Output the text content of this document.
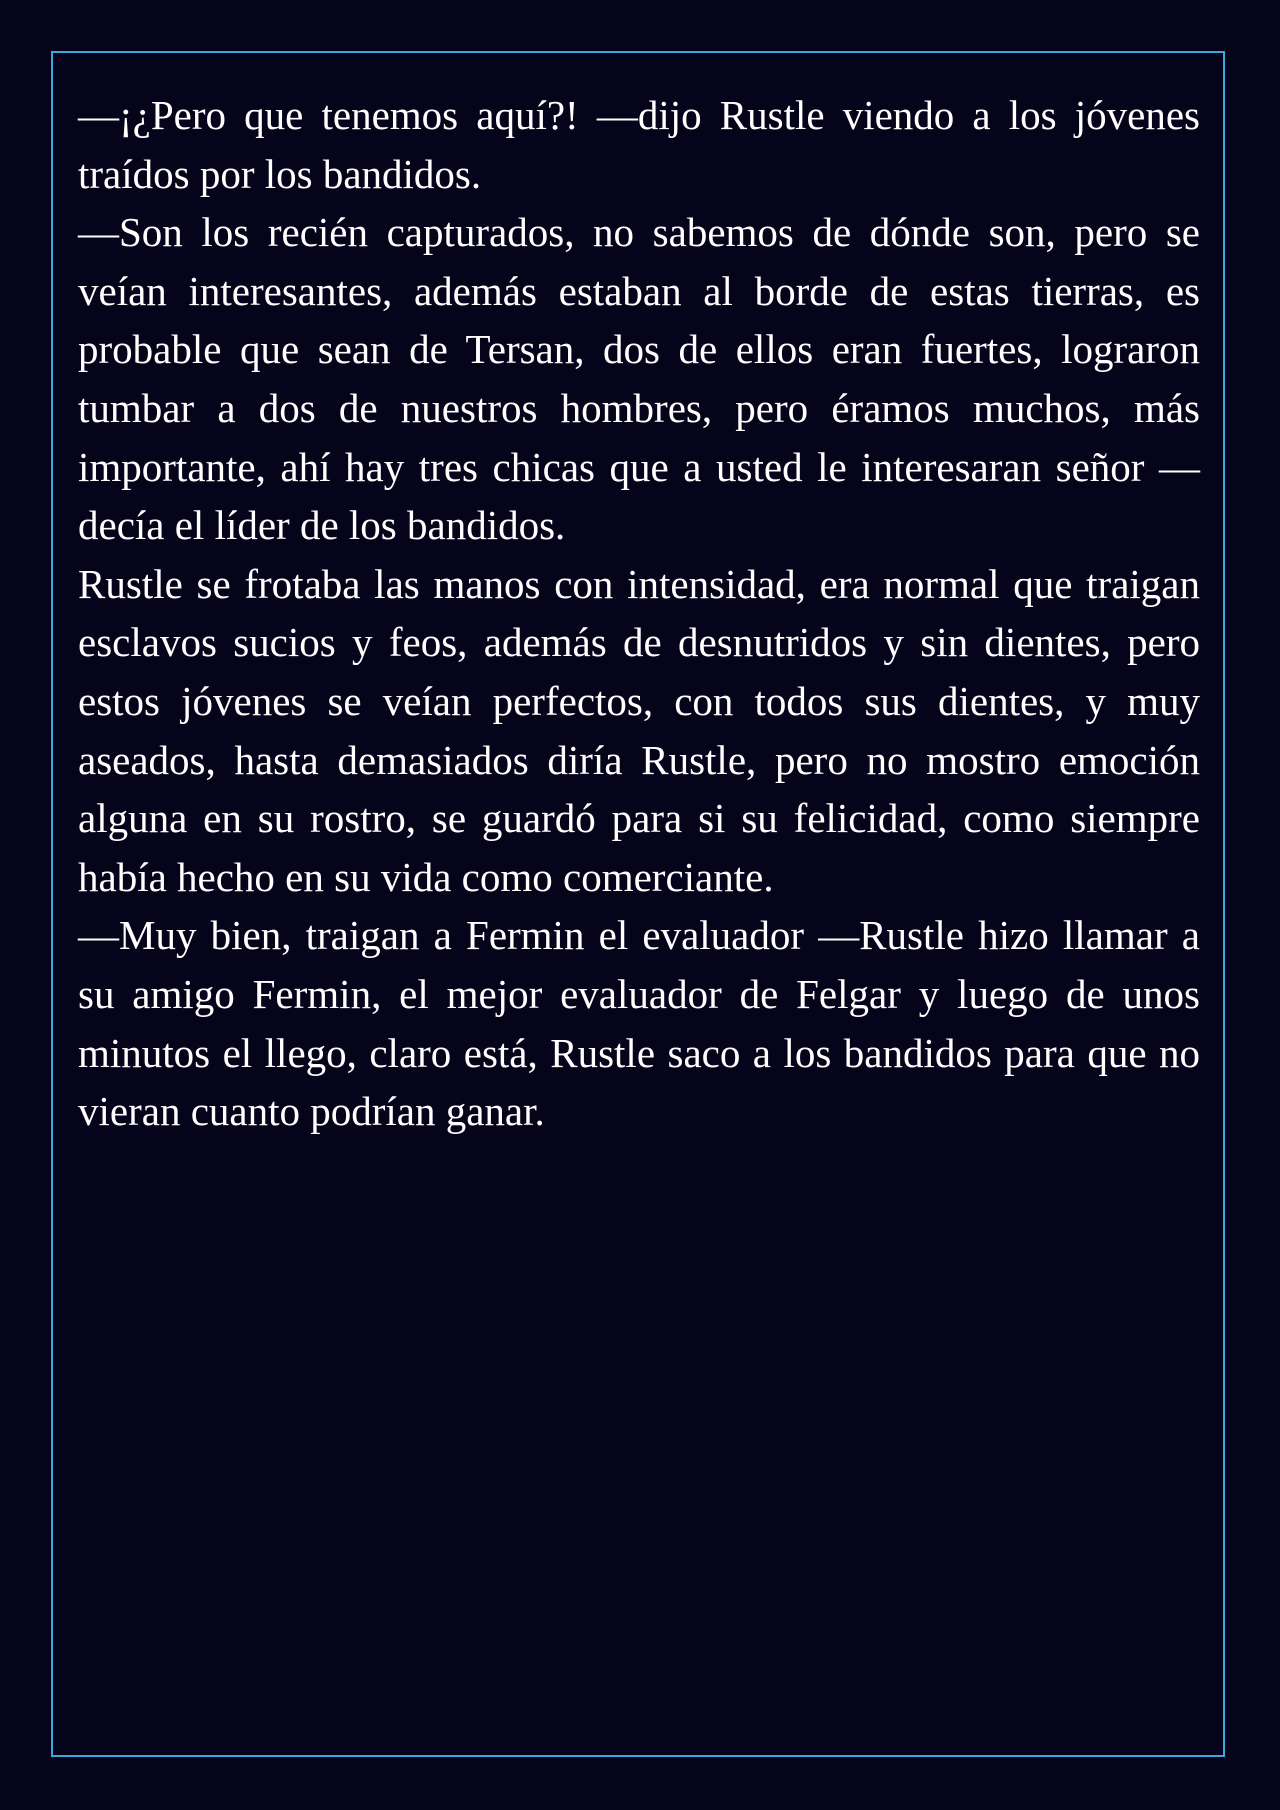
—¡¿Pero que tenemos aquí?! —dijo Rustle viendo a los jóvenes traídos por los bandidos.

—Son los recién capturados, no sabemos de dónde son, pero se veían interesantes, además estaban al borde de estas tierras, es probable que sean de Tersan, dos de ellos eran fuertes, lograron tumbar a dos de nuestros hombres, pero éramos muchos, más importante, ahí hay tres chicas que a usted le interesaran señor —decía el líder de los bandidos.

Rustle se frotaba las manos con intensidad, era normal que traigan esclavos sucios y feos, además de desnutridos y sin dientes, pero estos jóvenes se veían perfectos, con todos sus dientes, y muy aseados, hasta demasiados diría Rustle, pero no mostro emoción alguna en su rostro, se guardó para si su felicidad, como siempre había hecho en su vida como comerciante.

—Muy bien, traigan a Fermin el evaluador —Rustle hizo llamar a su amigo Fermin, el mejor evaluador de Felgar y luego de unos minutos el llego, claro está, Rustle saco a los bandidos para que no vieran cuanto podrían ganar.
